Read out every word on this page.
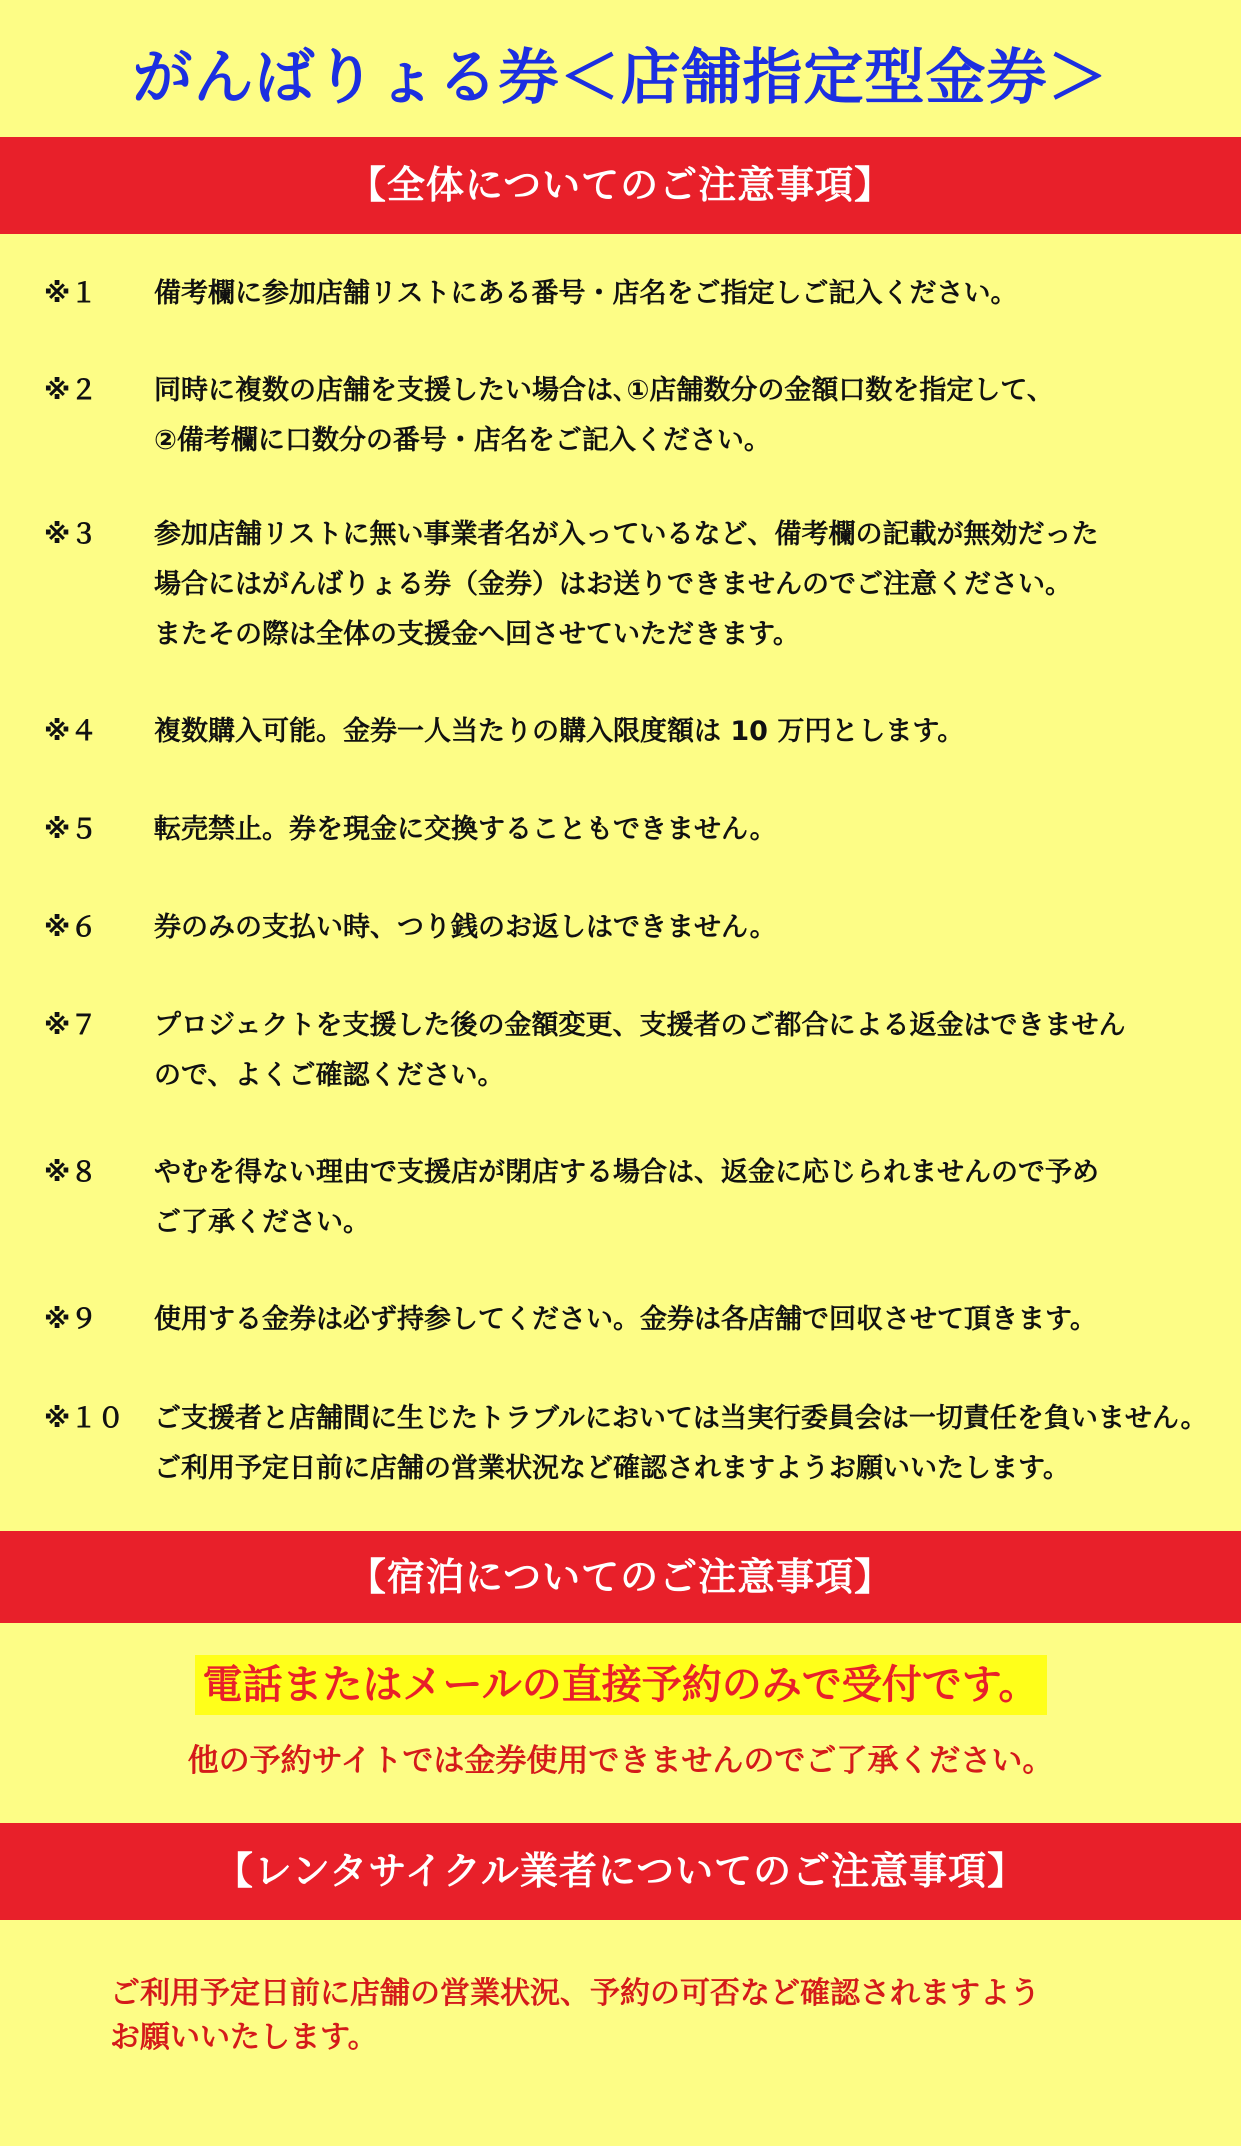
がんばりょる券＜店舗指定型金券＞
【全体についてのご注意事項】
※１ 備考欄に参加店舗リストにある番号・店名をご指定しご記入ください。
※２ 同時に複数の店舗を支援したい場合は､①店舗数分の金額口数を指定して、
②備考欄に口数分の番号・店名をご記入ください。
※３ 参加店舗リストに無い事業者名が入っているなど、備考欄の記載が無効だった
場合にはがんばりょる券（金券）はお送りできませんのでご注意ください。
またその際は全体の支援金へ回させていただきます。
※４ 複数購入可能。金券一人当たりの購入限度額は 10 万円とします。
※５ 転売禁止。券を現金に交換することもできません。
※６ 券のみの支払い時、つり銭のお返しはできません。
※７ プロジェクトを支援した後の金額変更、支援者のご都合による返金はできません
ので、よくご確認ください。
※８ やむを得ない理由で支援店が閉店する場合は、返金に応じられませんので予め
ご了承ください。
※９ 使用する金券は必ず持参してください。金券は各店舗で回収させて頂きます。
※１０ ご支援者と店舗間に生じたトラブルにおいては当実行委員会は一切責任を負いません。
ご利用予定日前に店舗の営業状況など確認されますようお願いいたします。
【宿泊についてのご注意事項】
電話またはメールの直接予約のみで受付です。
他の予約サイトでは金券使用できませんのでご了承ください。
【レンタサイクル業者についてのご注意事項】
ご利用予定日前に店舗の営業状況、予約の可否など確認されますよう
お願いいたします。
